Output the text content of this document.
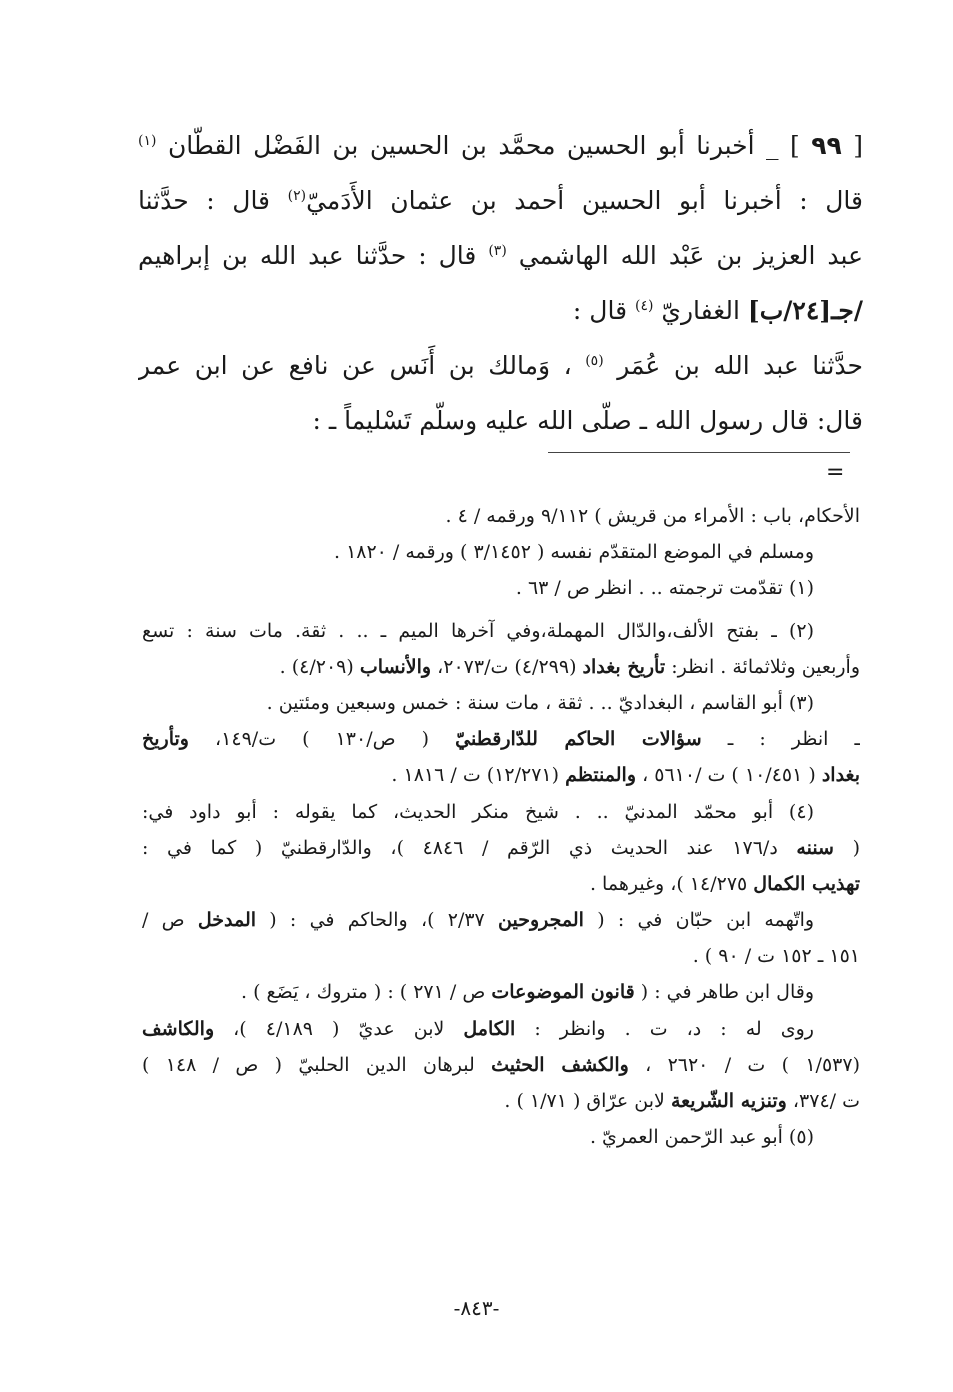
[ ٩٩ ] _ أخبرنا أبو الحسين محمَّد بن الحسين بن الفَضْل القطّان $^{(١)}$
قال : أخبرنا أبو الحسين أحمد بن عثمان الأَدَميّ$^{(٢)}$ قال : حدَّثنا
عبد العزيز بن عَبْد الله الهاشمي $^{(٣)}$ قال : حدَّثنا عبد الله بن إبراهيم
/جـ[٢٤/ب] الغفاريّ $^{(٤)}$ قال :
حدَّثنا عبد الله بن عُمَر $^{(٥)}$ ، وَمالك بن أَنَس عن نافع عن ابن عمر
قال: قال رسول الله ـ صلّى الله عليه وسلّم تَسْليماً ـ :
=
الأحكام، باب : الأمراء من قريش ) ٩/١١٢ ورقمه / ٤ .
ومسلم في الموضع المتقدّم نفسه ( ٣/١٤٥٢ ) ورقمه / ١٨٢٠ .
(١) تقدّمت ترجمته .. . انظر ص / ٦٣ .
(٢) ـ بفتح الألف،والدّال المهملة،وفي آخرها الميم ـ .. . ثقة. مات سنة : تسع
وأربعين وثلاثمائة . انظر: تأريخ بغداد (٤/٢٩٩) ت/٢٠٧٣، والأنساب (٤/٢٠٩) .
(٣) أبو القاسم ، البغداديّ .. . ثقة ، مات سنة : خمس وسبعين ومئتين .
ـ انظر : ـ سؤالات الحاكم للدّارقطنيّ ( ص/١٣٠ ) ت/١٤٩، وتأريخ
بغداد ( ١٠/٤٥١ ) ت /٥٦١٠ ، والمنتظم (١٢/٢٧١) ت / ١٨١٦ .
(٤) أبو محمّد المدنيّ .. . شيخ منكر الحديث، كما يقوله : أبو داود في:
( سننه د/١٧٦ عند الحديث ذي الرّقم / ٤٨٤٦ )، والدّارقطنيّ ( كما في :
تهذيب الكمال ١٤/٢٧٥ )، وغيرهما .
واتّهمه ابن حبّان في : ( المجروحين ٢/٣٧ )، والحاكم في : ( المدخل ص /
١٥١ ـ ١٥٢ ت / ٩٠ ) .
وقال ابن طاهر في : ( قانون الموضوعات ص / ٢٧١ ) : ( متروك ، يَضَع ) .
روى له : د، ت . وانظر : الكامل لابن عديّ ( ٤/١٨٩ )، والكاشف
(١/٥٣٧ ) ت / ٢٦٢٠ ، والكشف الحثيث لبرهان الدين الحلبيّ ( ص / ١٤٨ )
ت /٣٧٤، وتنزيه الشّريعة لابن عرّاق ( ١/٧١ ) .
(٥) أبو عبد الرّحمن العمريّ .
-٨٤٣-
